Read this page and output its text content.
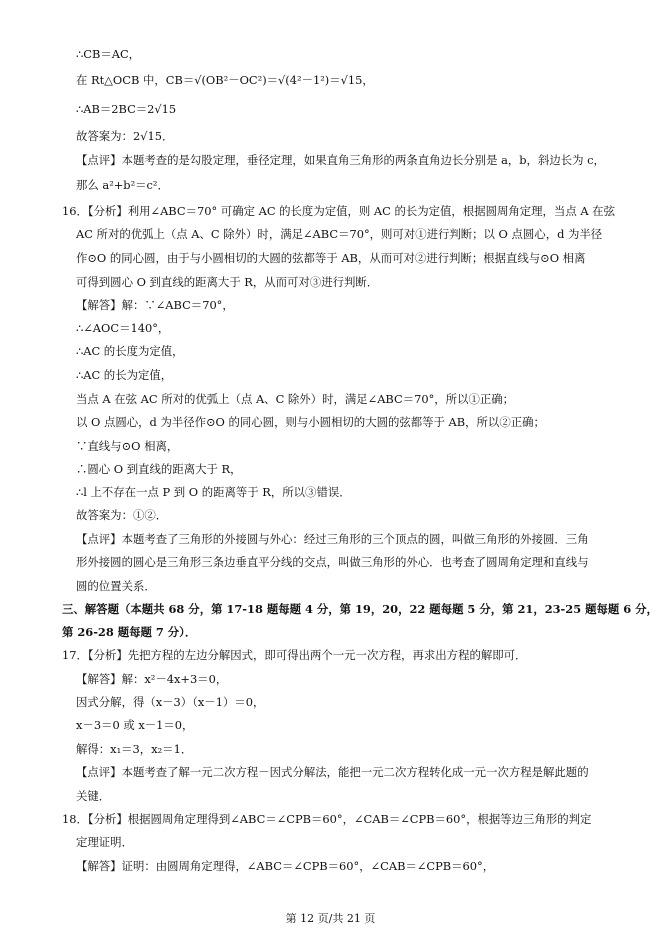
∴CB＝AC，
在 Rt△OCB 中，CB＝√(OB²－OC²)＝√(4²－1²)＝√15，
∴AB＝2BC＝2√15
故答案为：2√15．
【点评】本题考查的是勾股定理，垂径定理，如果直角三角形的两条直角边长分别是 a，b，斜边长为 c，
那么 a²+b²＝c²．
16．【分析】利用∠ABC＝70° 可确定 AC 的长度为定值，则 AC 的长为定值，根据圆周角定理，当点 A 在弦
AC 所对的优弧上（点 A、C 除外）时，满足∠ABC＝70°，则可对①进行判断；以 O 点圆心，d 为半径
作⊙O 的同心圆，由于与小圆相切的大圆的弦都等于 AB，从而可对②进行判断；根据直线与⊙O 相离
可得到圆心 O 到直线的距离大于 R，从而可对③进行判断．
【解答】解：∵∠ABC＝70°，
∴∠AOC＝140°，
∴AC 的长度为定值，
∴AC 的长为定值，
当点 A 在弦 AC 所对的优弧上（点 A、C 除外）时，满足∠ABC＝70°，所以①正确；
以 O 点圆心，d 为半径作⊙O 的同心圆，则与小圆相切的大圆的弦都等于 AB，所以②正确；
∵直线与⊙O 相离，
∴圆心 O 到直线的距离大于 R，
∴l 上不存在一点 P 到 O 的距离等于 R，所以③错误．
故答案为：①②．
【点评】本题考查了三角形的外接圆与外心：经过三角形的三个顶点的圆，叫做三角形的外接圆．三角
形外接圆的圆心是三角形三条边垂直平分线的交点，叫做三角形的外心．也考查了圆周角定理和直线与
圆的位置关系．
三、解答题（本题共 68 分，第 17-18 题每题 4 分，第 19，20，22 题每题 5 分，第 21，23-25 题每题 6 分，
第 26-28 题每题 7 分）．
17．【分析】先把方程的左边分解因式，即可得出两个一元一次方程，再求出方程的解即可．
【解答】解：x²－4x+3＝0，
因式分解，得（x－3）（x－1）＝0，
x－3＝0 或 x－1＝0，
解得：x₁＝3，x₂＝1．
【点评】本题考查了解一元二次方程－因式分解法，能把一元二次方程转化成一元一次方程是解此题的
关键．
18．【分析】根据圆周角定理得到∠ABC＝∠CPB＝60°，∠CAB＝∠CPB＝60°，根据等边三角形的判定
定理证明．
【解答】证明：由圆周角定理得，∠ABC＝∠CPB＝60°，∠CAB＝∠CPB＝60°，
第 12 页/共 21 页
